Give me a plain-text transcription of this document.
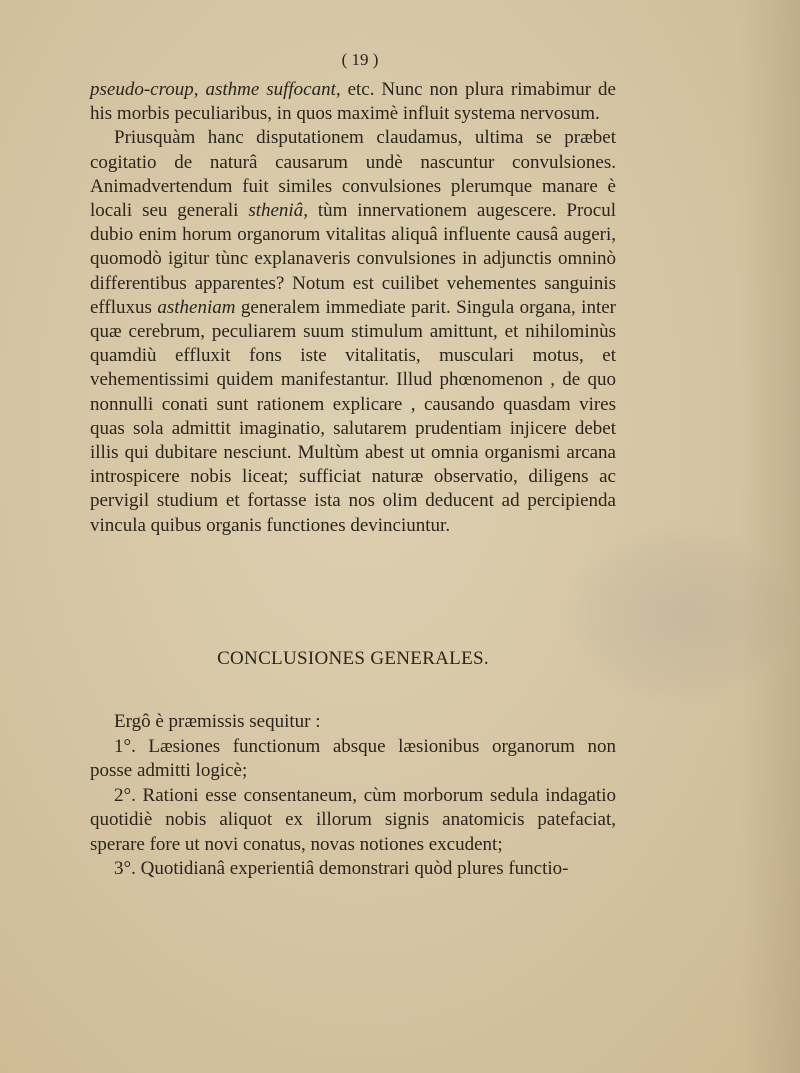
( 19 )

pseudo-croup, asthme suffocant, etc. Nunc non plura rimabimur de his morbis peculiaribus, in quos maximè influit systema nervosum.

Priusquàm hanc disputationem claudamus, ultima se præbet cogitatio de naturâ causarum undè nascuntur convulsiones. Animadvertendum fuit similes convulsiones plerumque manare è locali seu generali stheniâ, tùm innervationem augescere. Procul dubio enim horum organorum vitalitas aliquâ influente causâ augeri, quomodò igitur tùnc explanaveris convulsiones in adjunctis omninò differentibus apparentes? Notum est cuilibet vehementes sanguinis effluxus astheniam generalem immediate parit. Singula organa, inter quæ cerebrum, peculiarem suum stimulum amittunt, et nihilominùs quamdiù effluxit fons iste vitalitatis, musculari motus, et vehementissimi quidem manifestantur. Illud phœnomenon , de quo nonnulli conati sunt rationem explicare , causando quasdam vires quas sola admittit imaginatio, salutarem prudentiam injicere debet illis qui dubitare nesciunt. Multùm abest ut omnia organismi arcana introspicere nobis liceat; sufficiat naturæ observatio, diligens ac pervigil studium et fortasse ista nos olim deducent ad percipienda vincula quibus organis functiones devinciuntur.

CONCLUSIONES GENERALES.

Ergô è præmissis sequitur :

1°. Læsiones functionum absque læsionibus organorum non posse admitti logicè;

2°. Rationi esse consentaneum, cùm morborum sedula indagatio quotidiè nobis aliquot ex illorum signis anatomicis patefaciat, sperare fore ut novi conatus, novas notiones excudent;

3°. Quotidianâ experientiâ demonstrari quòd plures functio-
